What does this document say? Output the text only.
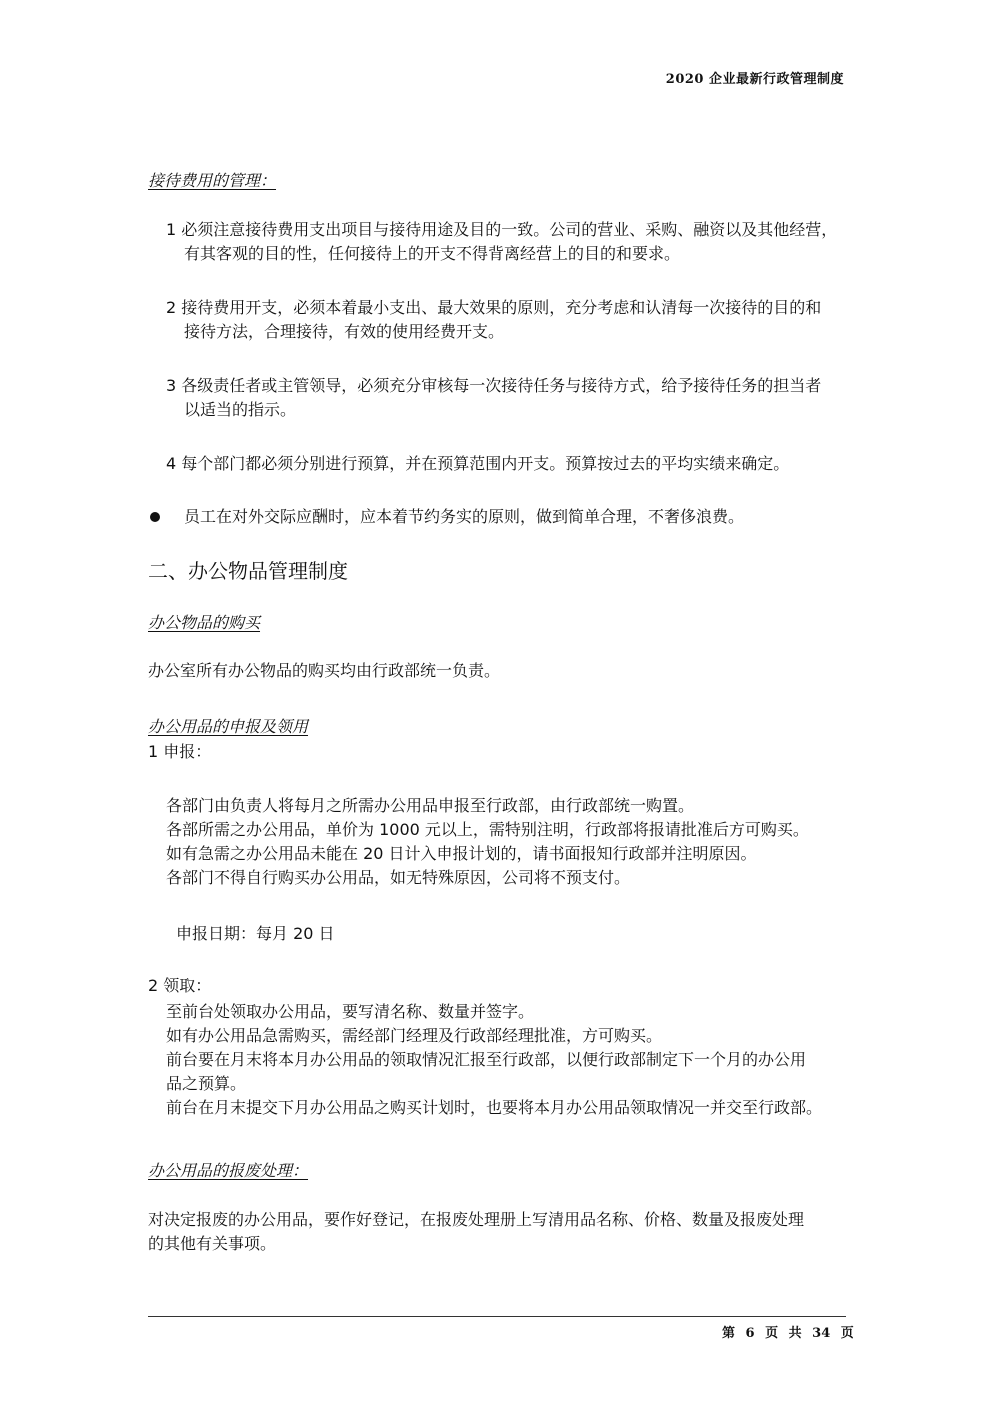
2020 企业最新行政管理制度
接待费用的管理：
1 必须注意接待费用支出项目与接待用途及目的一致。公司的营业、采购、融资以及其他经营，
有其客观的目的性，任何接待上的开支不得背离经营上的目的和要求。
2 接待费用开支，必须本着最小支出、最大效果的原则，充分考虑和认清每一次接待的目的和
接待方法，合理接待，有效的使用经费开支。
3 各级责任者或主管领导，必须充分审核每一次接待任务与接待方式，给予接待任务的担当者
以适当的指示。
4 每个部门都必须分别进行预算，并在预算范围内开支。预算按过去的平均实绩来确定。
员工在对外交际应酬时，应本着节约务实的原则，做到简单合理，不奢侈浪费。
二、办公物品管理制度
办公物品的购买
办公室所有办公物品的购买均由行政部统一负责。
办公用品的申报及领用
1 申报：
各部门由负责人将每月之所需办公用品申报至行政部，由行政部统一购置。
各部所需之办公用品，单价为 1000 元以上，需特别注明，行政部将报请批准后方可购买。
如有急需之办公用品未能在 20 日计入申报计划的，请书面报知行政部并注明原因。
各部门不得自行购买办公用品，如无特殊原因，公司将不预支付。
申报日期：每月 20 日
2 领取：
至前台处领取办公用品，要写清名称、数量并签字。
如有办公用品急需购买，需经部门经理及行政部经理批准，方可购买。
前台要在月末将本月办公用品的领取情况汇报至行政部，以便行政部制定下一个月的办公用
品之预算。
前台在月末提交下月办公用品之购买计划时，也要将本月办公用品领取情况一并交至行政部。
办公用品的报废处理：
对决定报废的办公用品，要作好登记，在报废处理册上写清用品名称、价格、数量及报废处理
的其他有关事项。
第 6 页 共 34 页
